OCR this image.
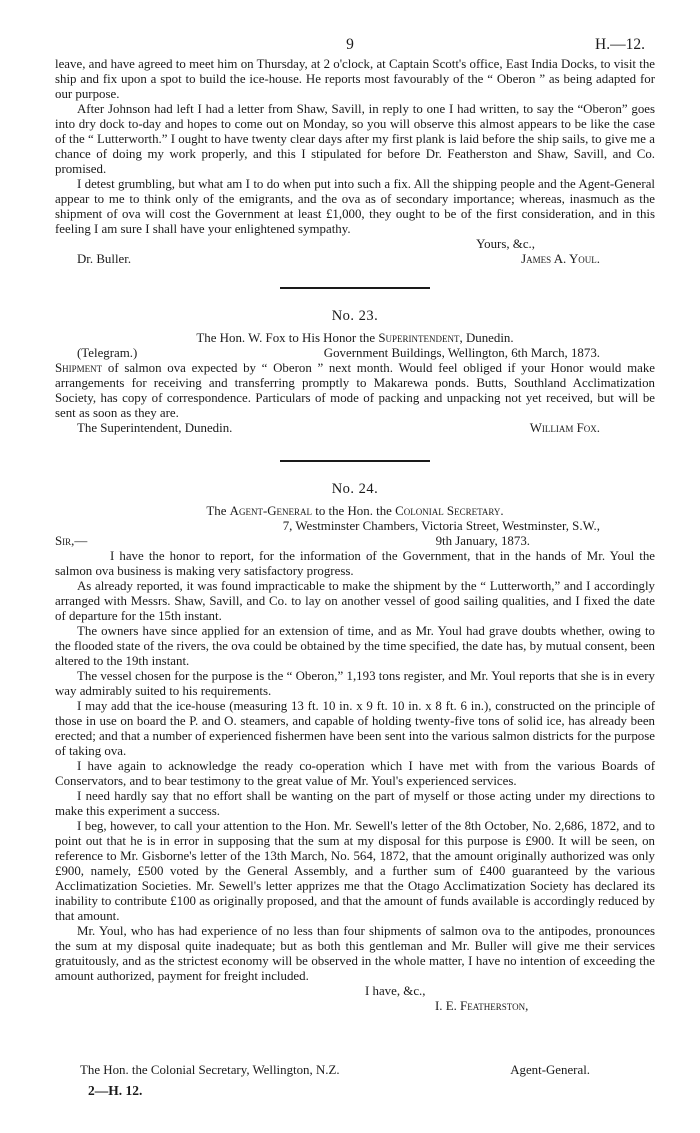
9	H.—12.

leave, and have agreed to meet him on Thursday, at 2 o'clock, at Captain Scott's office, East India Docks, to visit the ship and fix upon a spot to build the ice-house. He reports most favourably of the “ Oberon ” as being adapted for our purpose.

After Johnson had left I had a letter from Shaw, Savill, in reply to one I had written, to say the “Oberon” goes into dry dock to-day and hopes to come out on Monday, so you will observe this almost appears to be like the case of the “ Lutterworth.” I ought to have twenty clear days after my first plank is laid before the ship sails, to give me a chance of doing my work properly, and this I stipulated for before Dr. Featherston and Shaw, Savill, and Co. promised.

I detest grumbling, but what am I to do when put into such a fix. All the shipping people and the Agent-General appear to me to think only of the emigrants, and the ova as of secondary importance; whereas, inasmuch as the shipment of ova will cost the Government at least £1,000, they ought to be of the first consideration, and in this feeling I am sure I shall have your enlightened sympathy.

Yours, &c.,
Dr. Buller.	James A. Youl.
No. 23.
The Hon. W. Fox to His Honor the Superintendent, Dunedin.
(Telegram.)	Government Buildings, Wellington, 6th March, 1873.

Shipment of salmon ova expected by “ Oberon ” next month. Would feel obliged if your Honor would make arrangements for receiving and transferring promptly to Makarewa ponds. Butts, Southland Acclimatization Society, has copy of correspondence. Particulars of mode of packing and unpacking not yet received, but will be sent as soon as they are.

The Superintendent, Dunedin.	William Fox.
No. 24.
The Agent-General to the Hon. the Colonial Secretary.
7, Westminster Chambers, Victoria Street, Westminster, S.W.,
Sir,—	9th January, 1873.

I have the honor to report, for the information of the Government, that in the hands of Mr. Youl the salmon ova business is making very satisfactory progress.

As already reported, it was found impracticable to make the shipment by the “ Lutterworth,” and I accordingly arranged with Messrs. Shaw, Savill, and Co. to lay on another vessel of good sailing qualities, and I fixed the date of departure for the 15th instant.

The owners have since applied for an extension of time, and as Mr. Youl had grave doubts whether, owing to the flooded state of the rivers, the ova could be obtained by the time specified, the date has, by mutual consent, been altered to the 19th instant.

The vessel chosen for the purpose is the “ Oberon,” 1,193 tons register, and Mr. Youl reports that she is in every way admirably suited to his requirements.

I may add that the ice-house (measuring 13 ft. 10 in. x 9 ft. 10 in. x 8 ft. 6 in.), constructed on the principle of those in use on board the P. and O. steamers, and capable of holding twenty-five tons of solid ice, has already been erected; and that a number of experienced fishermen have been sent into the various salmon districts for the purpose of taking ova.

I have again to acknowledge the ready co-operation which I have met with from the various Boards of Conservators, and to bear testimony to the great value of Mr. Youl's experienced services.

I need hardly say that no effort shall be wanting on the part of myself or those acting under my directions to make this experiment a success.

I beg, however, to call your attention to the Hon. Mr. Sewell's letter of the 8th October, No. 2,686, 1872, and to point out that he is in error in supposing that the sum at my disposal for this purpose is £900. It will be seen, on reference to Mr. Gisborne's letter of the 13th March, No. 564, 1872, that the amount originally authorized was only £900, namely, £500 voted by the General Assembly, and a further sum of £400 guaranteed by the various Acclimatization Societies. Mr. Sewell's letter apprizes me that the Otago Acclimatization Society has declared its inability to contribute £100 as originally proposed, and that the amount of funds available is accordingly reduced by that amount.

Mr. Youl, who has had experience of no less than four shipments of salmon ova to the antipodes, pronounces the sum at my disposal quite inadequate; but as both this gentleman and Mr. Buller will give me their services gratuitously, and as the strictest economy will be observed in the whole matter, I have no intention of exceeding the amount authorized, payment for freight included.

I have, &c.,
I. E. Featherston,
The Hon. the Colonial Secretary, Wellington, N.Z.	Agent-General.
2—H. 12.
